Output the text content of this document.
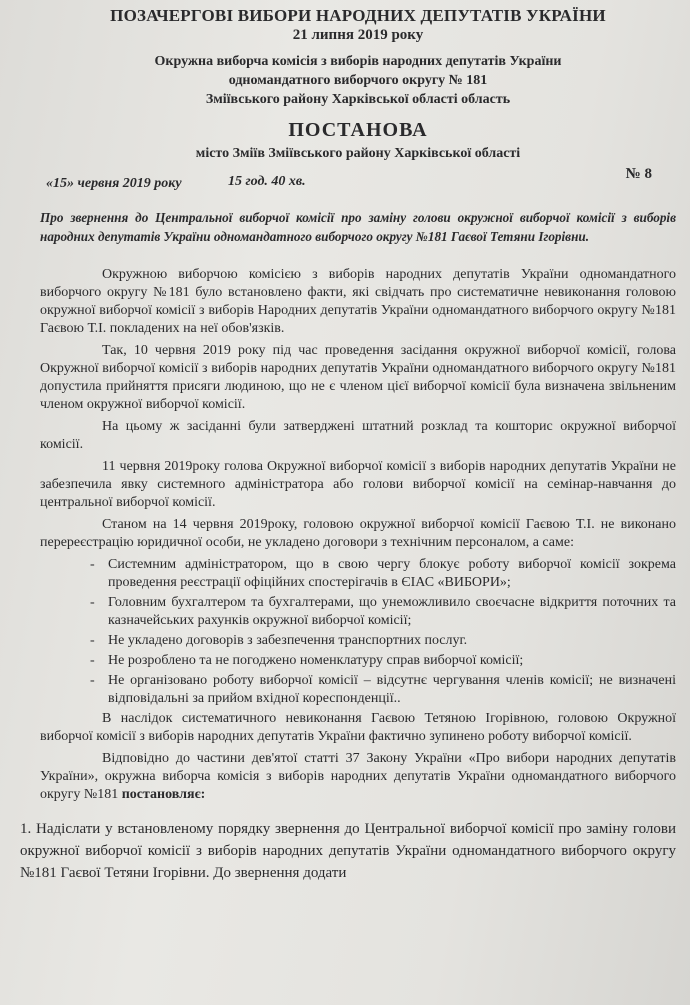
ПОЗАЧЕРГОВІ ВИБОРИ НАРОДНИХ ДЕПУТАТІВ УКРАЇНИ
21 липня 2019 року
Окружна виборча комісія з виборів народних депутатів України
одномандатного виборчого округу № 181
Зміївського району Харківської області область
ПОСТАНОВА
місто Зміїв Зміївського району Харківської області
№ 8
«15» червня 2019 року	15 год. 40 хв.
Про звернення до Центральної виборчої комісії про заміну голови окружної виборчої комісії з виборів народних депутатів України одномандатного виборчого округу №181 Гаєвої Тетяни Ігорівни.

Окружною виборчою комісією з виборів народних депутатів України одномандатного виборчого округу №181 було встановлено факти, які свідчать про систематичне невиконання головою окружної виборчої комісії з виборів Народних депутатів України одномандатного виборчого округу №181 Гаєвою Т.І. покладених на неї обов'язків.

Так, 10 червня 2019 року під час проведення засідання окружної виборчої комісії, голова Окружної виборчої комісії з виборів народних депутатів України одномандатного виборчого округу №181 допустила прийняття присяги людиною, що не є членом цієї виборчої комісії була визначена звільненим членом окружної виборчої комісії.

На цьому ж засіданні були затверджені штатний розклад та кошторис окружної виборчої комісії.

11 червня 2019року голова Окружної виборчої комісії з виборів народних депутатів України не забезпечила явку системного адміністратора або голови виборчої комісії на семінар-навчання до центральної виборчої комісії.

Станом на 14 червня 2019року, головою окружної виборчої комісії Гаєвою Т.І. не виконано перереєстрацію юридичної особи, не укладено договори з технічним персоналом, а саме:

- Системним адміністратором, що в свою чергу блокує роботу виборчої комісії зокрема проведення реєстрації офіційних спостерігачів в ЄІАС «ВИБОРИ»;
- Головним бухгалтером та бухгалтерами, що унеможливило своєчасне відкриття поточних та казначейських рахунків окружної виборчої комісії;
- Не укладено договорів з забезпечення транспортних послуг.
- Не розроблено та не погоджено номенклатуру справ виборчої комісії;
- Не організовано роботу виборчої комісії – відсутнє чергування членів комісії; не визначені відповідальні за прийом вхідної кореспонденції..

В наслідок систематичного невиконання Гаєвою Тетяною Ігорівною, головою Окружної виборчої комісії з виборів народних депутатів України фактично зупинено роботу виборчої комісії.

Відповідно до частини дев'ятої статті 37 Закону України «Про вибори народних депутатів України», окружна виборча комісія з виборів народних депутатів України одномандатного виборчого округу №181 постановляє:

1. Надіслати у встановленому порядку звернення до Центральної виборчої комісії про заміну голови окружної виборчої комісії з виборів народних депутатів України одномандатного виборчого округу №181 Гаєвої Тетяни Ігорівни. До звернення додати
